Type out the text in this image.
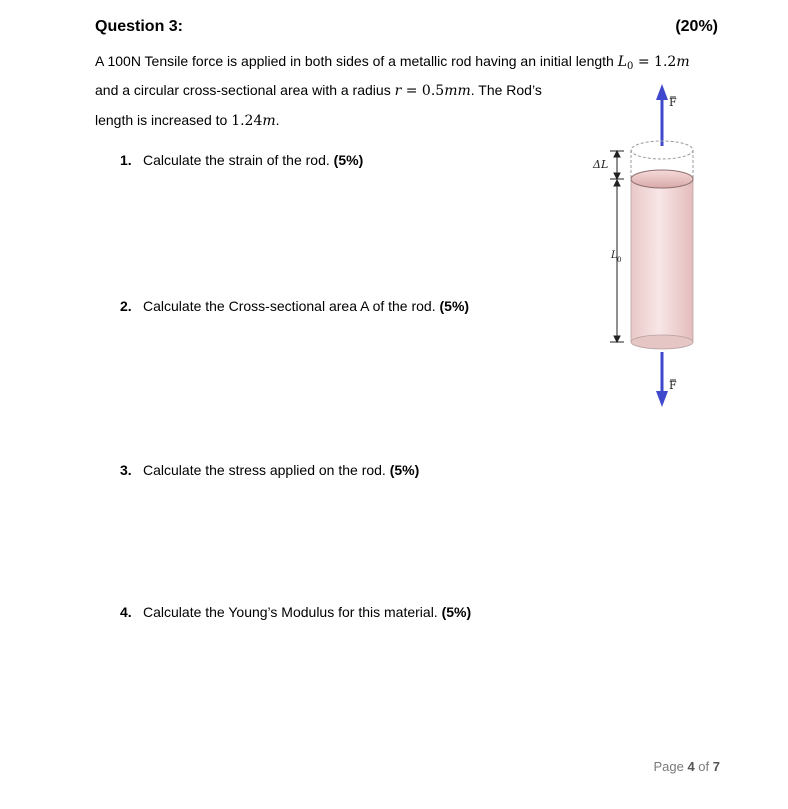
Question 3:	(20%)
A 100N Tensile force is applied in both sides of a metallic rod having an initial length $L_0 = 1.2m$
and a circular cross-sectional area with a radius r = 0.5mm. The Rod’s
length is increased to 1.24m.
1. Calculate the strain of the rod. (5%)
2. Calculate the Cross-sectional area A of the rod. (5%)
3. Calculate the stress applied on the rod. (5%)
4. Calculate the Young’s Modulus for this material. (5%)
F
ΔL
L 0
F
Page 4 of 7
